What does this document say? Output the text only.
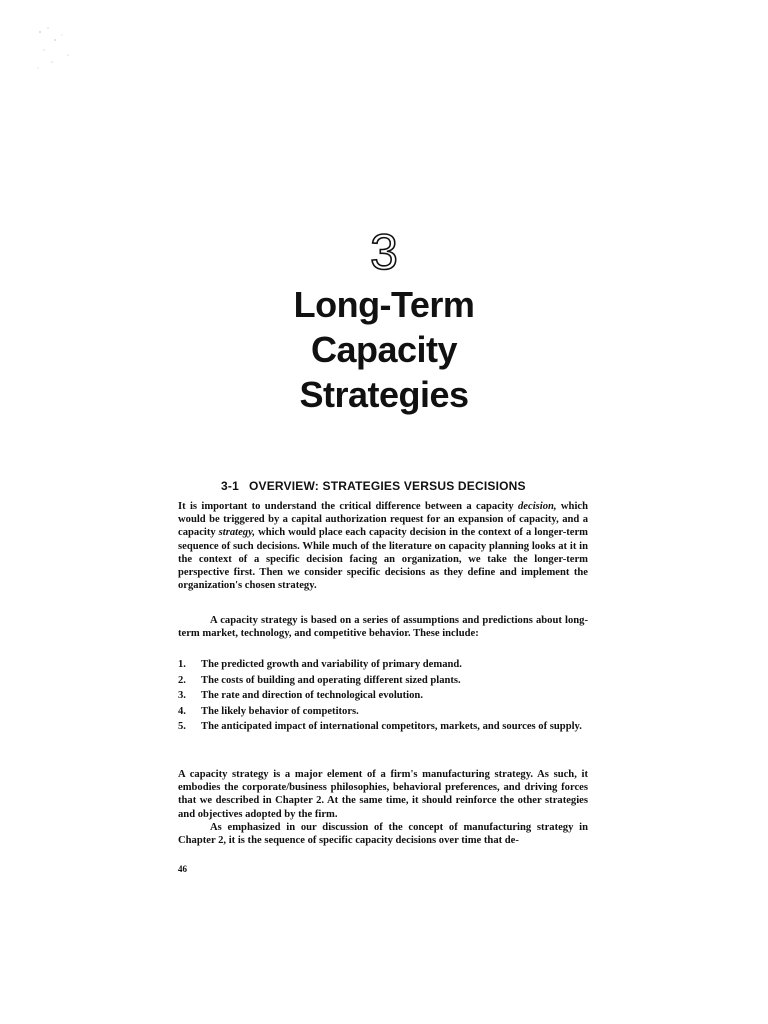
3
Long-Term
Capacity
Strategies
3-1 OVERVIEW: STRATEGIES VERSUS DECISIONS

It is important to understand the critical difference between a capacity decision, which would be triggered by a capital authorization request for an expansion of capacity, and a capacity strategy, which would place each capacity decision in the context of a longer-term sequence of such decisions. While much of the literature on capacity planning looks at it in the context of a specific decision facing an organization, we take the longer-term perspective first. Then we consider specific decisions as they define and implement the organization's chosen strategy.

A capacity strategy is based on a series of assumptions and predictions about long-term market, technology, and competitive behavior. These include:

1.	The predicted growth and variability of primary demand.
2.	The costs of building and operating different sized plants.
3.	The rate and direction of technological evolution.
4.	The likely behavior of competitors.
5.	The anticipated impact of international competitors, markets, and sources of supply.

A capacity strategy is a major element of a firm's manufacturing strategy. As such, it embodies the corporate/business philosophies, behavioral preferences, and driving forces that we described in Chapter 2. At the same time, it should reinforce the other strategies and objectives adopted by the firm.

As emphasized in our discussion of the concept of manufacturing strategy in Chapter 2, it is the sequence of specific capacity decisions over time that de-

46
